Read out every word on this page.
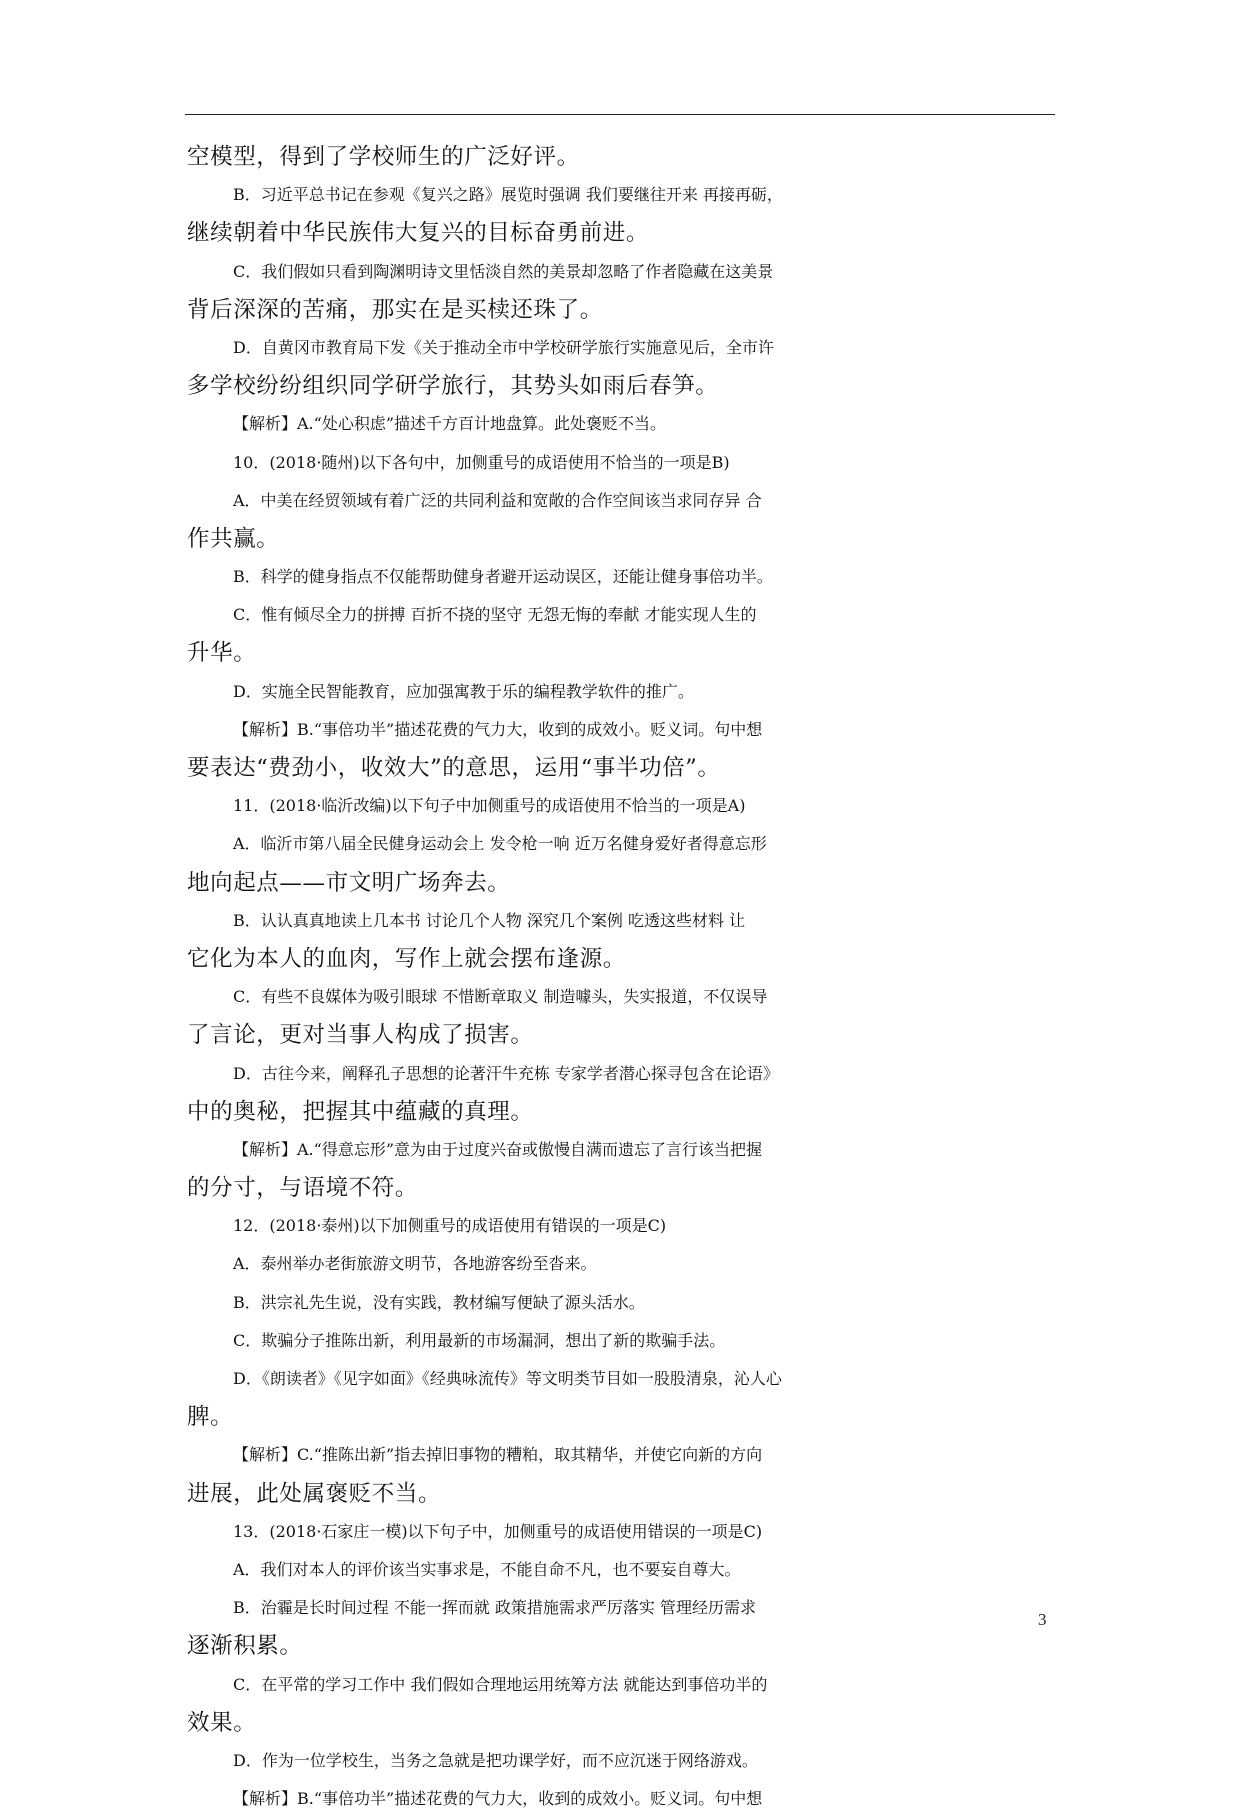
空模型，得到了学校师生的广泛好评。
B．习近平总书记在参观《复兴之路》展览时强调 我们要继往开来 再接再砺，
继续朝着中华民族伟大复兴的目标奋勇前进。
C．我们假如只看到陶渊明诗文里恬淡自然的美景却忽略了作者隐藏在这美景
背后深深的苦痛，那实在是买椟还珠了。
D．自黄冈市教育局下发《关于推动全市中学校研学旅行实施意见后，全市许
多学校纷纷组织同学研学旅行，其势头如雨后春笋。
【解析】A.“处心积虑”描述千方百计地盘算。此处褒贬不当。
10．(2018·随州)以下各句中，加侧重号的成语使用不恰当的一项是B)
A．中美在经贸领域有着广泛的共同利益和宽敞的合作空间该当求同存异 合
作共赢。
B．科学的健身指点不仅能帮助健身者避开运动误区，还能让健身事倍功半。
C．惟有倾尽全力的拼搏 百折不挠的坚守 无怨无悔的奉献 才能实现人生的
升华。
D．实施全民智能教育，应加强寓教于乐的编程教学软件的推广。
【解析】B.“事倍功半”描述花费的气力大，收到的成效小。贬义词。句中想
要表达“费劲小，收效大”的意思，运用“事半功倍”。
11．(2018·临沂改编)以下句子中加侧重号的成语使用不恰当的一项是A)
A．临沂市第八届全民健身运动会上 发令枪一响 近万名健身爱好者得意忘形
地向起点——市文明广场奔去。
B．认认真真地读上几本书 讨论几个人物 深究几个案例 吃透这些材料 让
它化为本人的血肉，写作上就会摆布逢源。
C．有些不良媒体为吸引眼球 不惜断章取义 制造噱头，失实报道，不仅误导
了言论，更对当事人构成了损害。
D．古往今来，阐释孔子思想的论著汗牛充栋 专家学者潜心探寻包含在论语》
中的奥秘，把握其中蕴藏的真理。
【解析】A.“得意忘形”意为由于过度兴奋或傲慢自满而遗忘了言行该当把握
的分寸，与语境不符。
12．(2018·泰州)以下加侧重号的成语使用有错误的一项是C)
A．泰州举办老街旅游文明节，各地游客纷至沓来。
B．洪宗礼先生说，没有实践，教材编写便缺了源头活水。
C．欺骗分子推陈出新，利用最新的市场漏洞，想出了新的欺骗手法。
D．《朗读者》《见字如面》《经典咏流传》等文明类节目如一股股清泉，沁人心
脾。
【解析】C.“推陈出新”指去掉旧事物的糟粕，取其精华，并使它向新的方向
进展，此处属褒贬不当。
13．(2018·石家庄一模)以下句子中，加侧重号的成语使用错误的一项是C)
A．我们对本人的评价该当实事求是，不能自命不凡，也不要妄自尊大。
B．治霾是长时间过程 不能一挥而就 政策措施需求严厉落实 管理经历需求
逐渐积累。
C．在平常的学习工作中 我们假如合理地运用统筹方法 就能达到事倍功半的
效果。
D．作为一位学校生，当务之急就是把功课学好，而不应沉迷于网络游戏。
【解析】B.“事倍功半”描述花费的气力大，收到的成效小。贬义词。句中想
3
